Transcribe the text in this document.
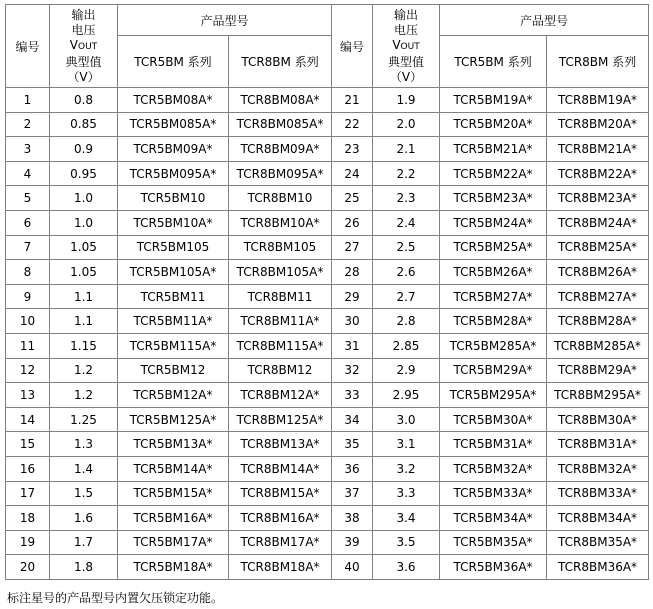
编号	输出
电压
VOUT
典型值
（V）	产品型号		编号	输出
电压
VOUT
典型值
（V）	产品型号	
		TCR5BM 系列	TCR8BM 系列			TCR5BM 系列	TCR8BM 系列
1	0.8	TCR5BM08A*	TCR8BM08A*	21	1.9	TCR5BM19A*	TCR8BM19A*
2	0.85	TCR5BM085A*	TCR8BM085A*	22	2.0	TCR5BM20A*	TCR8BM20A*
3	0.9	TCR5BM09A*	TCR8BM09A*	23	2.1	TCR5BM21A*	TCR8BM21A*
4	0.95	TCR5BM095A*	TCR8BM095A*	24	2.2	TCR5BM22A*	TCR8BM22A*
5	1.0	TCR5BM10	TCR8BM10	25	2.3	TCR5BM23A*	TCR8BM23A*
6	1.0	TCR5BM10A*	TCR8BM10A*	26	2.4	TCR5BM24A*	TCR8BM24A*
7	1.05	TCR5BM105	TCR8BM105	27	2.5	TCR5BM25A*	TCR8BM25A*
8	1.05	TCR5BM105A*	TCR8BM105A*	28	2.6	TCR5BM26A*	TCR8BM26A*
9	1.1	TCR5BM11	TCR8BM11	29	2.7	TCR5BM27A*	TCR8BM27A*
10	1.1	TCR5BM11A*	TCR8BM11A*	30	2.8	TCR5BM28A*	TCR8BM28A*
11	1.15	TCR5BM115A*	TCR8BM115A*	31	2.85	TCR5BM285A*	TCR8BM285A*
12	1.2	TCR5BM12	TCR8BM12	32	2.9	TCR5BM29A*	TCR8BM29A*
13	1.2	TCR5BM12A*	TCR8BM12A*	33	2.95	TCR5BM295A*	TCR8BM295A*
14	1.25	TCR5BM125A*	TCR8BM125A*	34	3.0	TCR5BM30A*	TCR8BM30A*
15	1.3	TCR5BM13A*	TCR8BM13A*	35	3.1	TCR5BM31A*	TCR8BM31A*
16	1.4	TCR5BM14A*	TCR8BM14A*	36	3.2	TCR5BM32A*	TCR8BM32A*
17	1.5	TCR5BM15A*	TCR8BM15A*	37	3.3	TCR5BM33A*	TCR8BM33A*
18	1.6	TCR5BM16A*	TCR8BM16A*	38	3.4	TCR5BM34A*	TCR8BM34A*
19	1.7	TCR5BM17A*	TCR8BM17A*	39	3.5	TCR5BM35A*	TCR8BM35A*
20	1.8	TCR5BM18A*	TCR8BM18A*	40	3.6	TCR5BM36A*	TCR8BM36A*
标注星号的产品型号内置欠压锁定功能。
